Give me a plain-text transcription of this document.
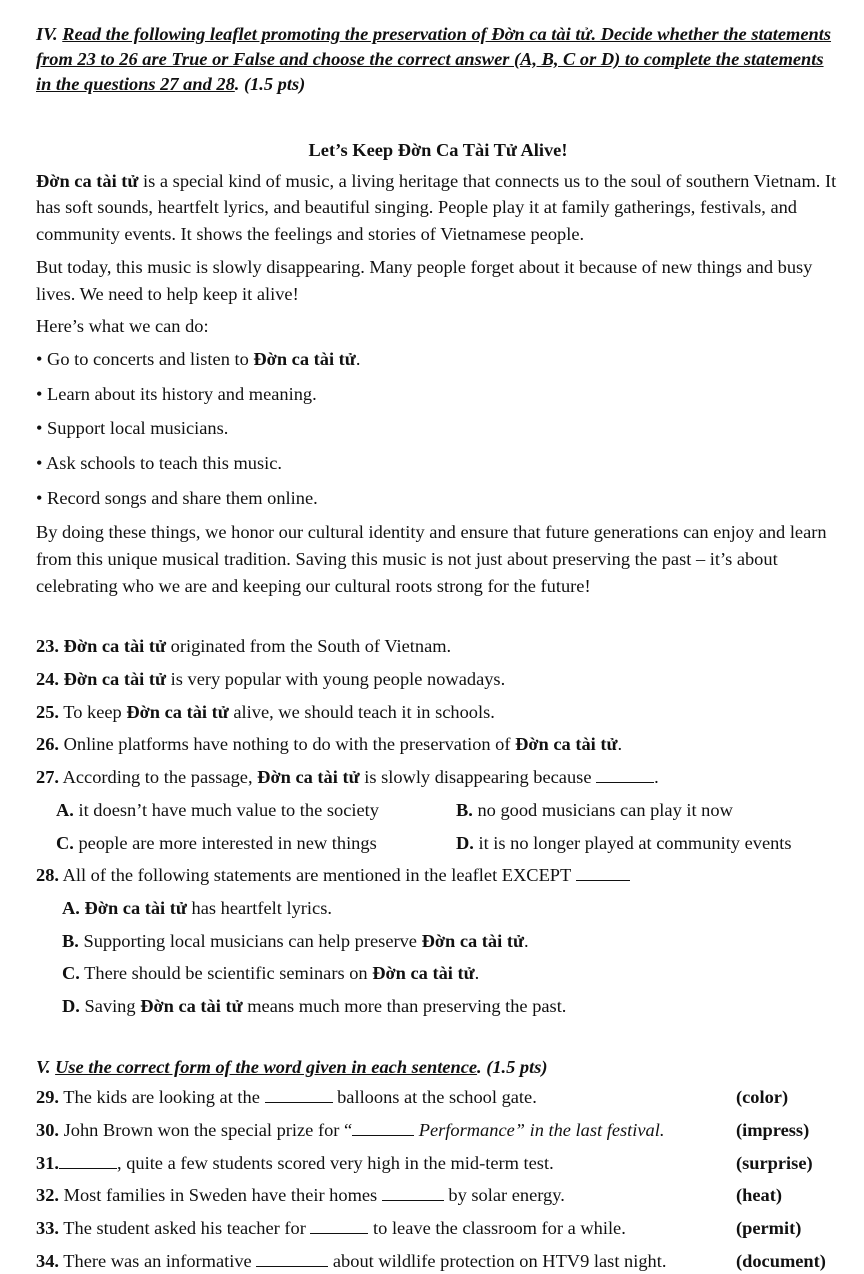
IV. Read the following leaflet promoting the preservation of Đờn ca tài tử. Decide whether the statements from 23 to 26 are True or False and choose the correct answer (A, B, C or D) to complete the statements in the questions 27 and 28. (1.5 pts)
Let’s Keep Đờn Ca Tài Tử Alive!

Đờn ca tài tử is a special kind of music, a living heritage that connects us to the soul of southern Vietnam. It has soft sounds, heartfelt lyrics, and beautiful singing. People play it at family gatherings, festivals, and community events. It shows the feelings and stories of Vietnamese people.

But today, this music is slowly disappearing. Many people forget about it because of new things and busy lives. We need to help keep it alive!

Here’s what we can do:

• Go to concerts and listen to Đờn ca tài tử.
• Learn about its history and meaning.
• Support local musicians.
• Ask schools to teach this music.
• Record songs and share them online.

By doing these things, we honor our cultural identity and ensure that future generations can enjoy and learn from this unique musical tradition. Saving this music is not just about preserving the past – it’s about celebrating who we are and keeping our cultural roots strong for the future!

23. Đờn ca tài tử originated from the South of Vietnam.
24. Đờn ca tài tử is very popular with young people nowadays.
25. To keep Đờn ca tài tử alive, we should teach it in schools.
26. Online platforms have nothing to do with the preservation of Đờn ca tài tử.
27. According to the passage, Đờn ca tài tử is slowly disappearing because	.
A. it doesn’t have much value to the society	B. no good musicians can play it now
C. people are more interested in new things	D. it is no longer played at community events
28. All of the following statements are mentioned in the leaflet EXCEPT
A. Đờn ca tài tử has heartfelt lyrics.
B. Supporting local musicians can help preserve Đờn ca tài tử.
C. There should be scientific seminars on Đờn ca tài tử.
D. Saving Đờn ca tài tử means much more than preserving the past.
V. Use the correct form of the word given in each sentence. (1.5 pts)
29. The kids are looking at the	balloons at the school gate.	(color)
30. John Brown won the special prize for “	Performance” in the last festival.	(impress)
31.	, quite a few students scored very high in the mid-term test.	(surprise)
32. Most families in Sweden have their homes	by solar energy.	(heat)
33. The student asked his teacher for	to leave the classroom for a while.	(permit)
34. There was an informative	about wildlife protection on HTV9 last night.	(document)
